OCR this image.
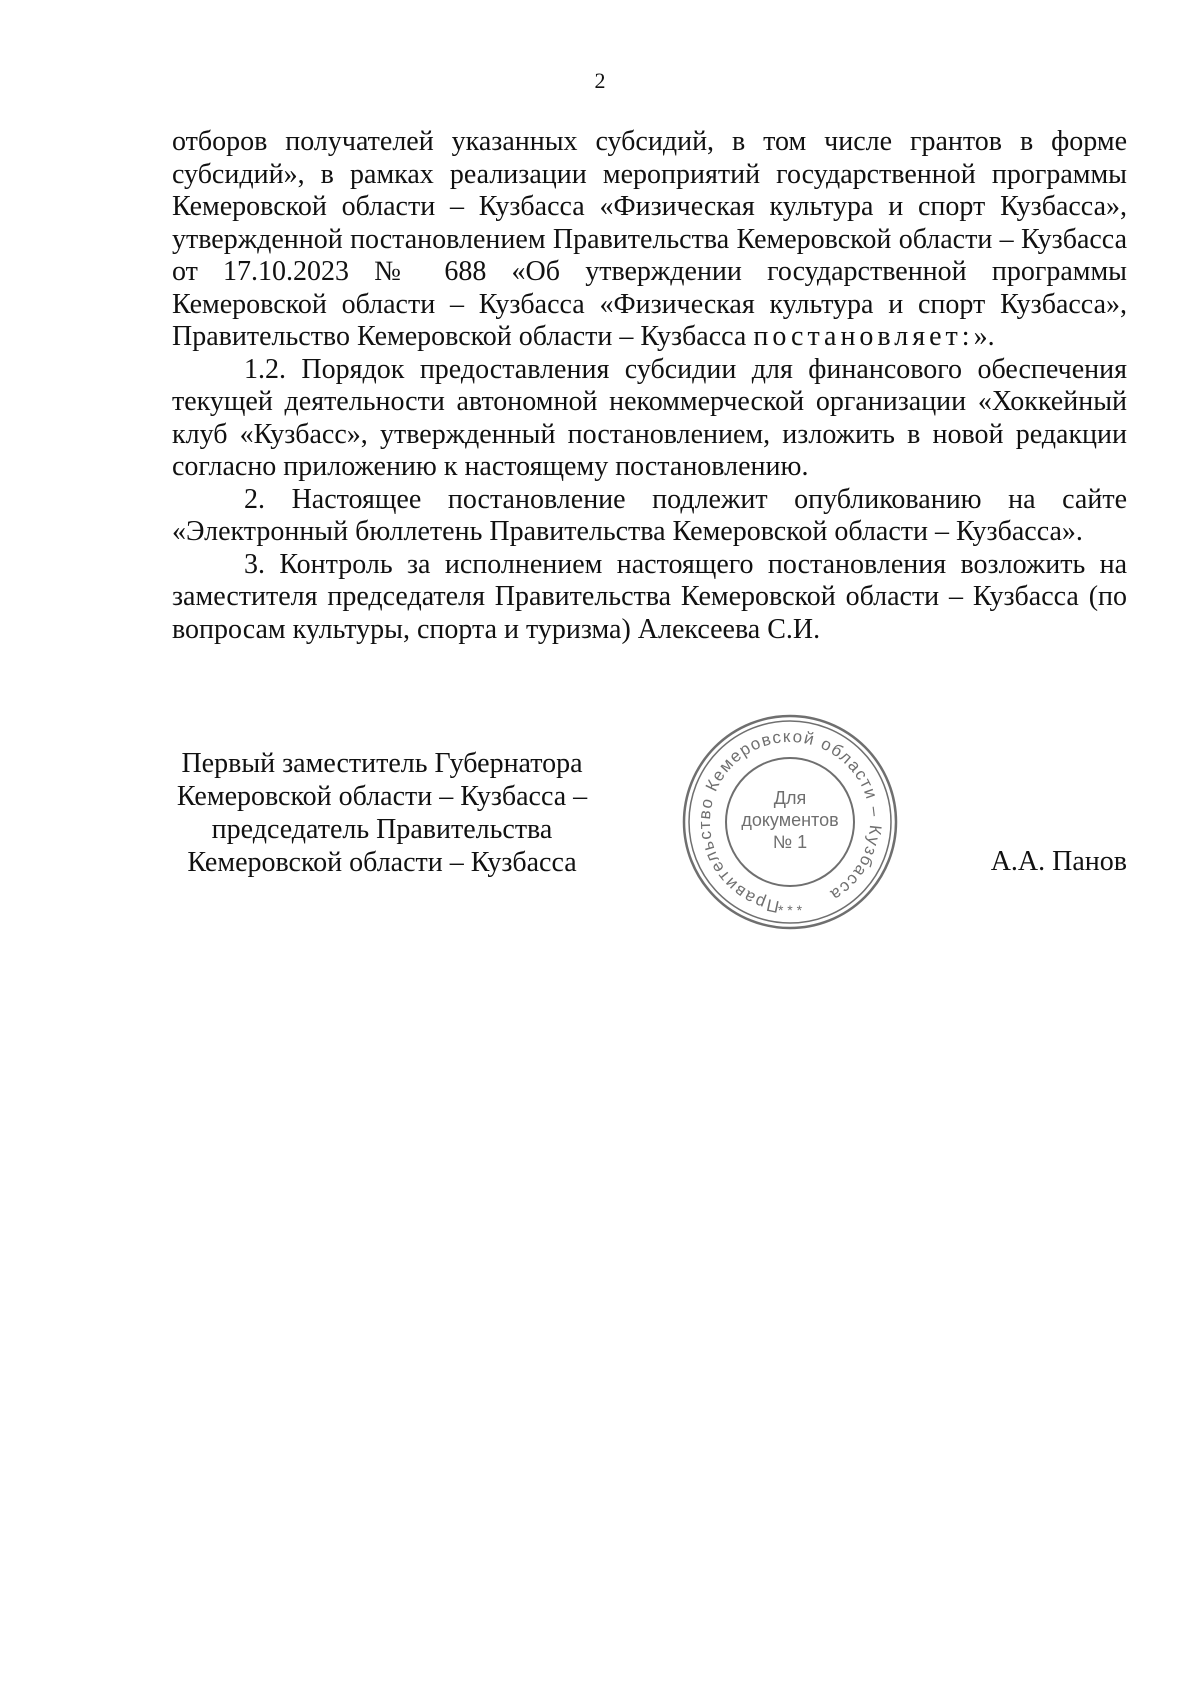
2

отборов получателей указанных субсидий, в том числе грантов в форме субсидий», в рамках реализации мероприятий государственной программы Кемеровской области – Кузбасса «Физическая культура и спорт Кузбасса», утвержденной постановлением Правительства Кемеровской области – Кузбасса от 17.10.2023 № 688 «Об утверждении государственной программы Кемеровской области – Кузбасса «Физическая культура и спорт Кузбасса», Правительство Кемеровской области – Кузбасса постановляет:».

1.2. Порядок предоставления субсидии для финансового обеспечения текущей деятельности автономной некоммерческой организации «Хоккейный клуб «Кузбасс», утвержденный постановлением, изложить в новой редакции согласно приложению к настоящему постановлению.

2. Настоящее постановление подлежит опубликованию на сайте «Электронный бюллетень Правительства Кемеровской области – Кузбасса».

3. Контроль за исполнением настоящего постановления возложить на заместителя председателя Правительства Кемеровской области – Кузбасса (по вопросам культуры, спорта и туризма) Алексеева С.И.

Первый заместитель Губернатора
Кемеровской области – Кузбасса –
председатель Правительства
Кемеровской области – Кузбасса
Правительство Кемеровской области – Кузбасса
* * *
Для
документов
№ 1
А.А. Панов
